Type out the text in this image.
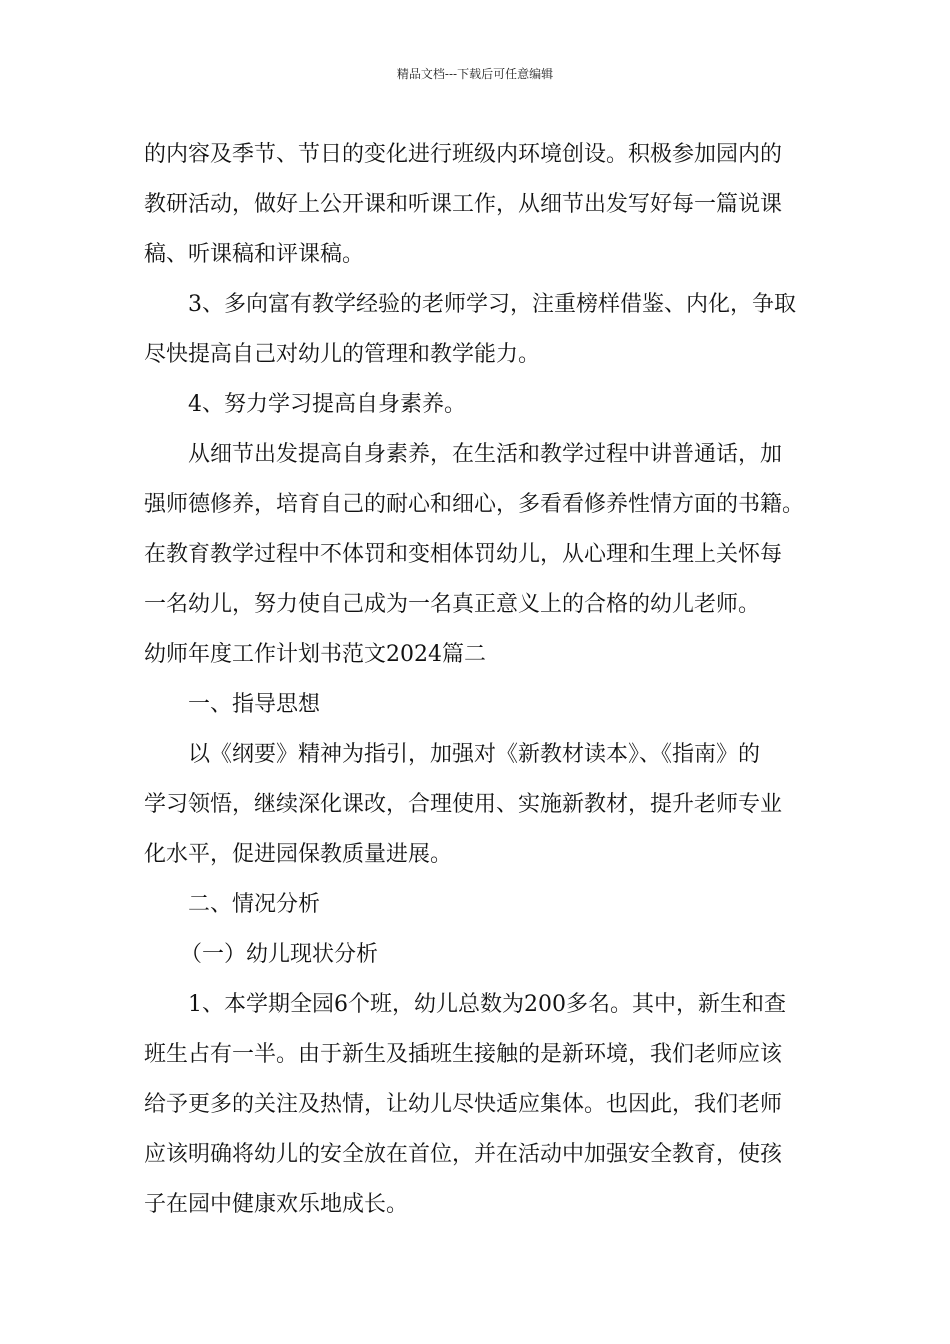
精品文档---下载后可任意编辑
的内容及季节、节日的变化进行班级内环境创设。积极参加园内的
教研活动，做好上公开课和听课工作，从细节出发写好每一篇说课
稿、听课稿和评课稿。
3、多向富有教学经验的老师学习，注重榜样借鉴、内化，争取
尽快提高自己对幼儿的管理和教学能力。
4、努力学习提高自身素养。
从细节出发提高自身素养，在生活和教学过程中讲普通话，加
强师德修养，培育自己的耐心和细心，多看看修养性情方面的书籍。
在教育教学过程中不体罚和变相体罚幼儿，从心理和生理上关怀每
一名幼儿，努力使自己成为一名真正意义上的合格的幼儿老师。
幼师年度工作计划书范文2024篇二
一、指导思想
以《纲要》精神为指引，加强对《新教材读本》、《指南》的
学习领悟，继续深化课改，合理使用、实施新教材，提升老师专业
化水平，促进园保教质量进展。
二、情况分析
（一）幼儿现状分析
1、本学期全园6个班，幼儿总数为200多名。其中，新生和查
班生占有一半。由于新生及插班生接触的是新环境，我们老师应该
给予更多的关注及热情，让幼儿尽快适应集体。也因此，我们老师
应该明确将幼儿的安全放在首位，并在活动中加强安全教育，使孩
子在园中健康欢乐地成长。
